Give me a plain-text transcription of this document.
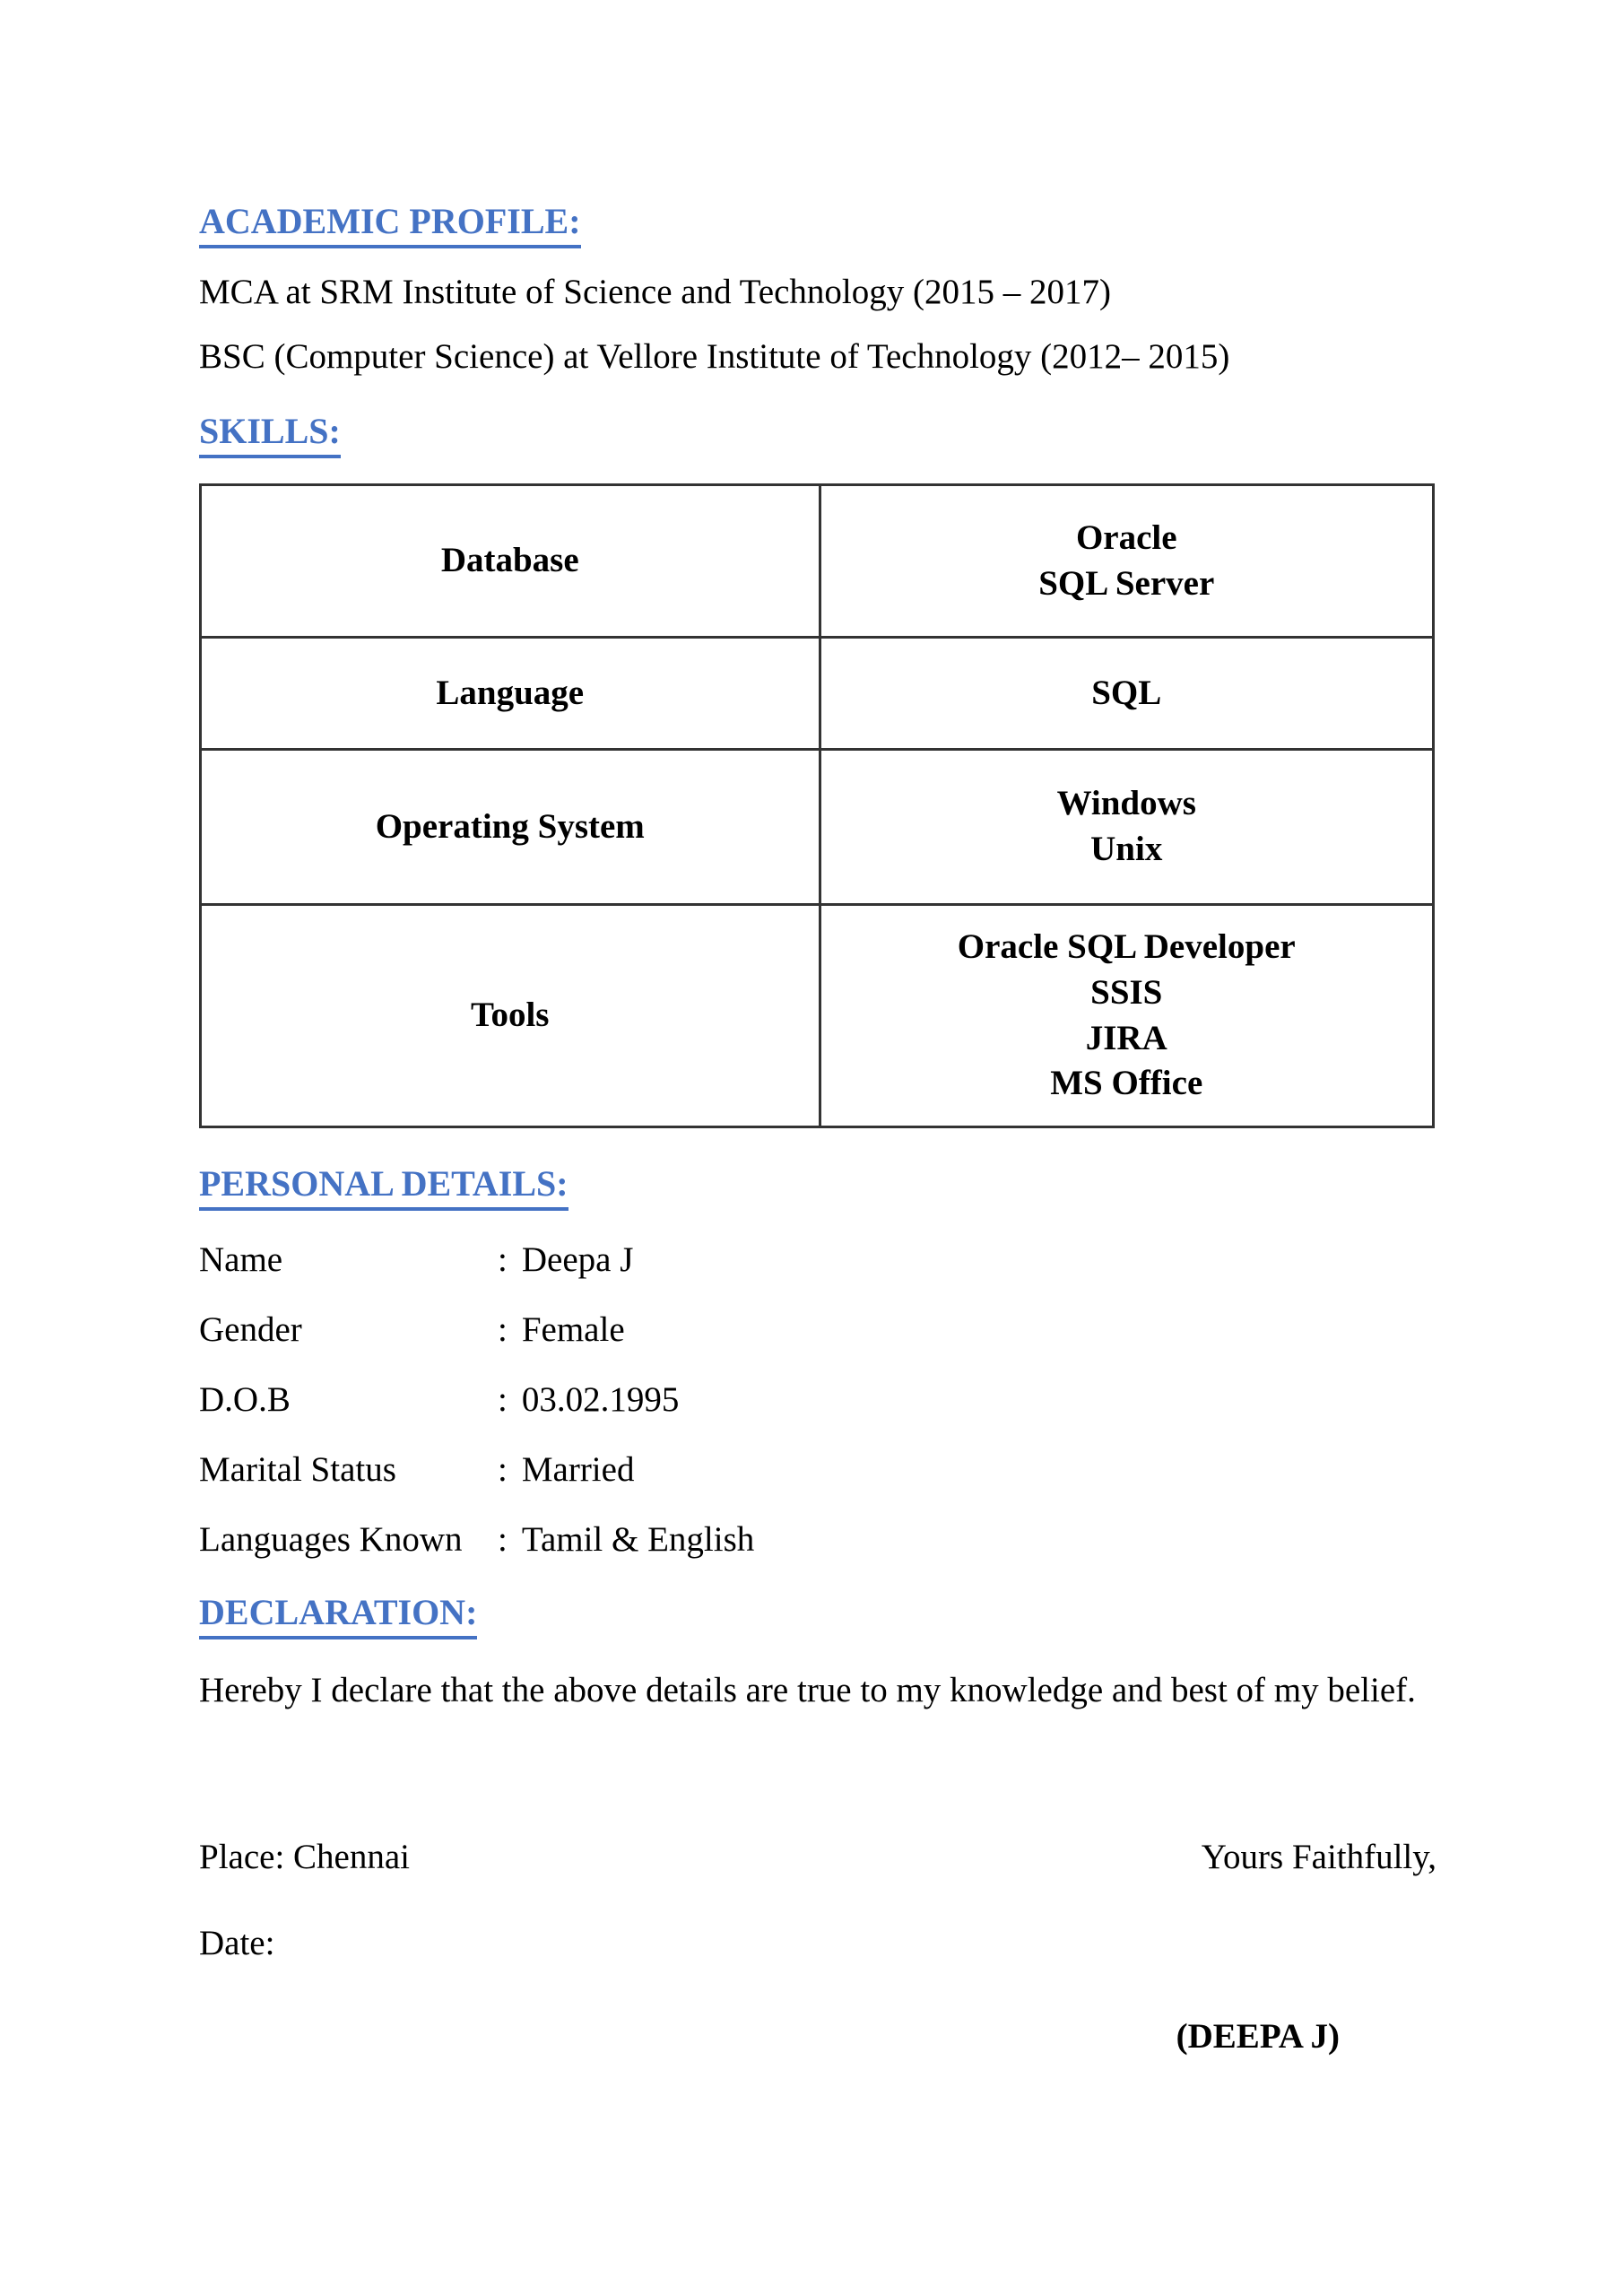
ACADEMIC PROFILE:
MCA at SRM Institute of Science and Technology (2015 – 2017)
BSC (Computer Science) at Vellore Institute of Technology (2012– 2015)
SKILLS:
Database	Oracle
SQL Server

Language	SQL

Operating System	Windows
Unix

Tools	Oracle SQL Developer
SSIS
JIRA
MS Office
PERSONAL DETAILS:
Name	: Deepa J
Gender	: Female
D.O.B	: 03.02.1995
Marital Status	: Married
Languages Known : Tamil & English
DECLARATION:
Hereby I declare that the above details are true to my knowledge and best of my belief.
Place: Chennai	Yours Faithfully,
Date:
(DEEPA J)
